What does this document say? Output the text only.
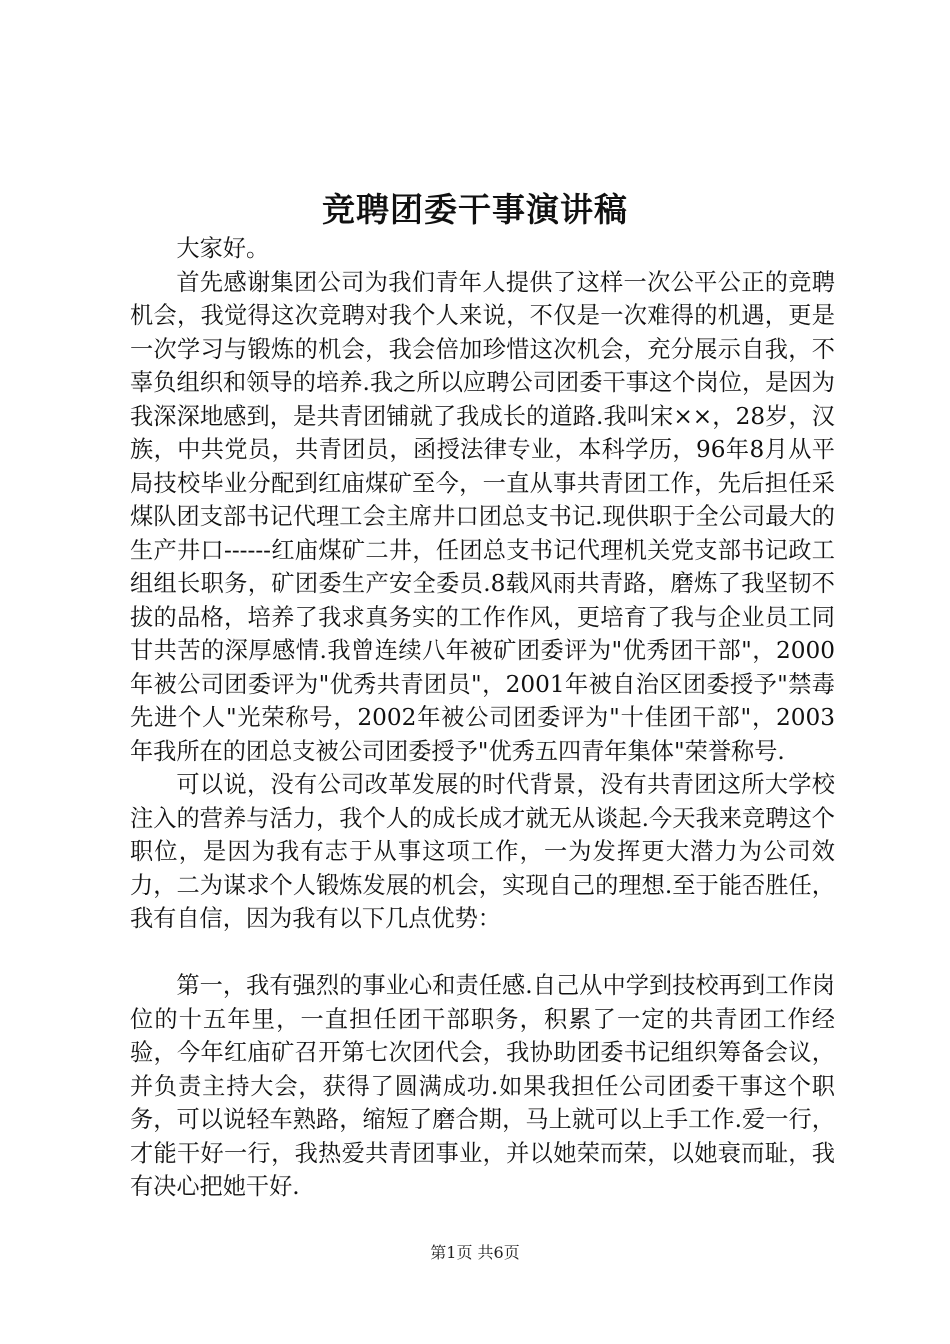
竞聘团委干事演讲稿

大家好。

首先感谢集团公司为我们青年人提供了这样一次公平公正的竞聘机会，我觉得这次竞聘对我个人来说，不仅是一次难得的机遇，更是一次学习与锻炼的机会，我会倍加珍惜这次机会，充分展示自我，不辜负组织和领导的培养.我之所以应聘公司团委干事这个岗位，是因为我深深地感到，是共青团铺就了我成长的道路.我叫宋××，28岁，汉族，中共党员，共青团员，函授法律专业，本科学历，96年8月从平局技校毕业分配到红庙煤矿至今，一直从事共青团工作，先后担任采煤队团支部书记代理工会主席井口团总支书记.现供职于全公司最大的生产井口------红庙煤矿二井，任团总支书记代理机关党支部书记政工组组长职务，矿团委生产安全委员.8载风雨共青路，磨炼了我坚韧不拔的品格，培养了我求真务实的工作作风，更培育了我与企业员工同甘共苦的深厚感情.我曾连续八年被矿团委评为"优秀团干部"，2000年被公司团委评为"优秀共青团员"，2001年被自治区团委授予"禁毒先进个人"光荣称号，2002年被公司团委评为"十佳团干部"，2003年我所在的团总支被公司团委授予"优秀五四青年集体"荣誉称号.

可以说，没有公司改革发展的时代背景，没有共青团这所大学校注入的营养与活力，我个人的成长成才就无从谈起.今天我来竞聘这个职位，是因为我有志于从事这项工作，一为发挥更大潜力为公司效力，二为谋求个人锻炼发展的机会，实现自己的理想.至于能否胜任，我有自信，因为我有以下几点优势：

第一，我有强烈的事业心和责任感.自己从中学到技校再到工作岗位的十五年里，一直担任团干部职务，积累了一定的共青团工作经验，今年红庙矿召开第七次团代会，我协助团委书记组织筹备会议，并负责主持大会，获得了圆满成功.如果我担任公司团委干事这个职务，可以说轻车熟路，缩短了磨合期，马上就可以上手工作.爱一行，才能干好一行，我热爱共青团事业，并以她荣而荣，以她衰而耻，我有决心把她干好.

第1页 共6页
